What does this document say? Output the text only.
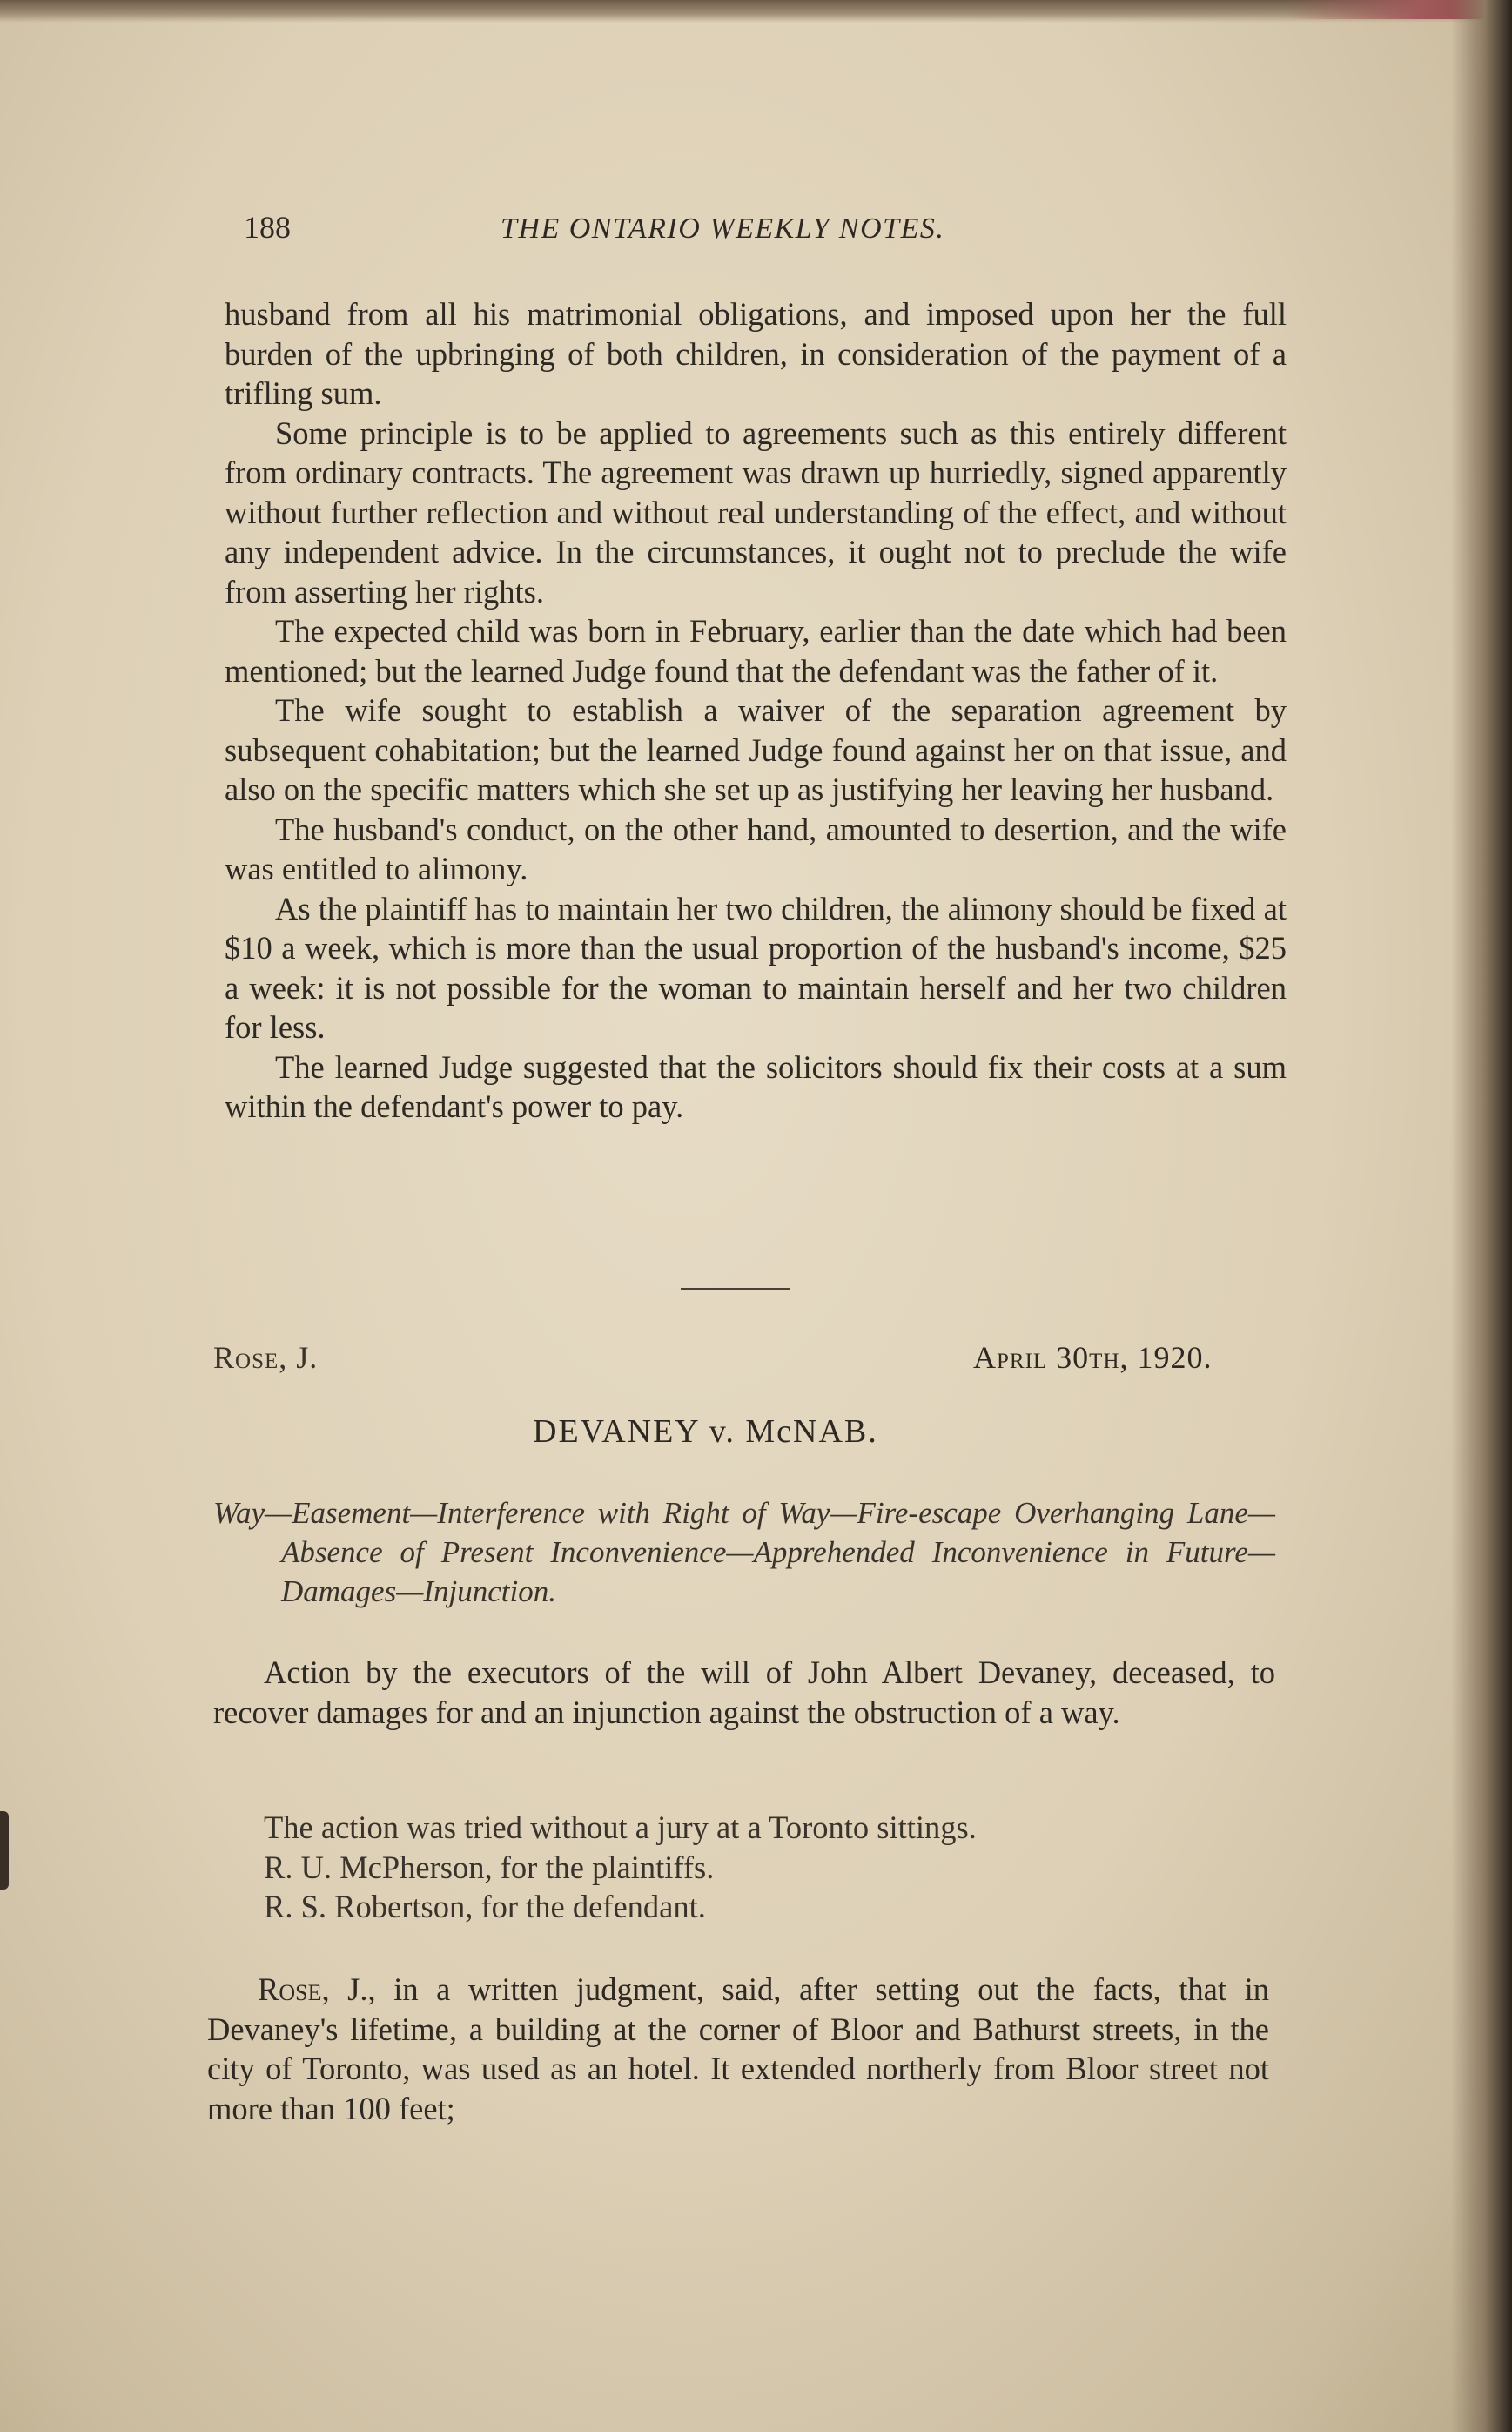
188	THE ONTARIO WEEKLY NOTES.

husband from all his matrimonial obligations, and imposed upon her the full burden of the upbringing of both children, in consideration of the payment of a trifling sum.

Some principle is to be applied to agreements such as this entirely different from ordinary contracts. The agreement was drawn up hurriedly, signed apparently without further reflection and without real understanding of the effect, and without any independent advice. In the circumstances, it ought not to preclude the wife from asserting her rights.

The expected child was born in February, earlier than the date which had been mentioned; but the learned Judge found that the defendant was the father of it.

The wife sought to establish a waiver of the separation agreement by subsequent cohabitation; but the learned Judge found against her on that issue, and also on the specific matters which she set up as justifying her leaving her husband.

The husband's conduct, on the other hand, amounted to desertion, and the wife was entitled to alimony.

As the plaintiff has to maintain her two children, the alimony should be fixed at $10 a week, which is more than the usual proportion of the husband's income, $25 a week: it is not possible for the woman to maintain herself and her two children for less.

The learned Judge suggested that the solicitors should fix their costs at a sum within the defendant's power to pay.

Rose, J.	April 30th, 1920.
DEVANEY v. McNAB.

Way—Easement—Interference with Right of Way—Fire-escape Overhanging Lane—Absence of Present Inconvenience—Apprehended Inconvenience in Future—Damages—Injunction.

Action by the executors of the will of John Albert Devaney, deceased, to recover damages for and an injunction against the obstruction of a way.

The action was tried without a jury at a Toronto sittings.
R. U. McPherson, for the plaintiffs.
R. S. Robertson, for the defendant.

Rose, J., in a written judgment, said, after setting out the facts, that in Devaney's lifetime, a building at the corner of Bloor and Bathurst streets, in the city of Toronto, was used as an hotel. It extended northerly from Bloor street not more than 100 feet;
